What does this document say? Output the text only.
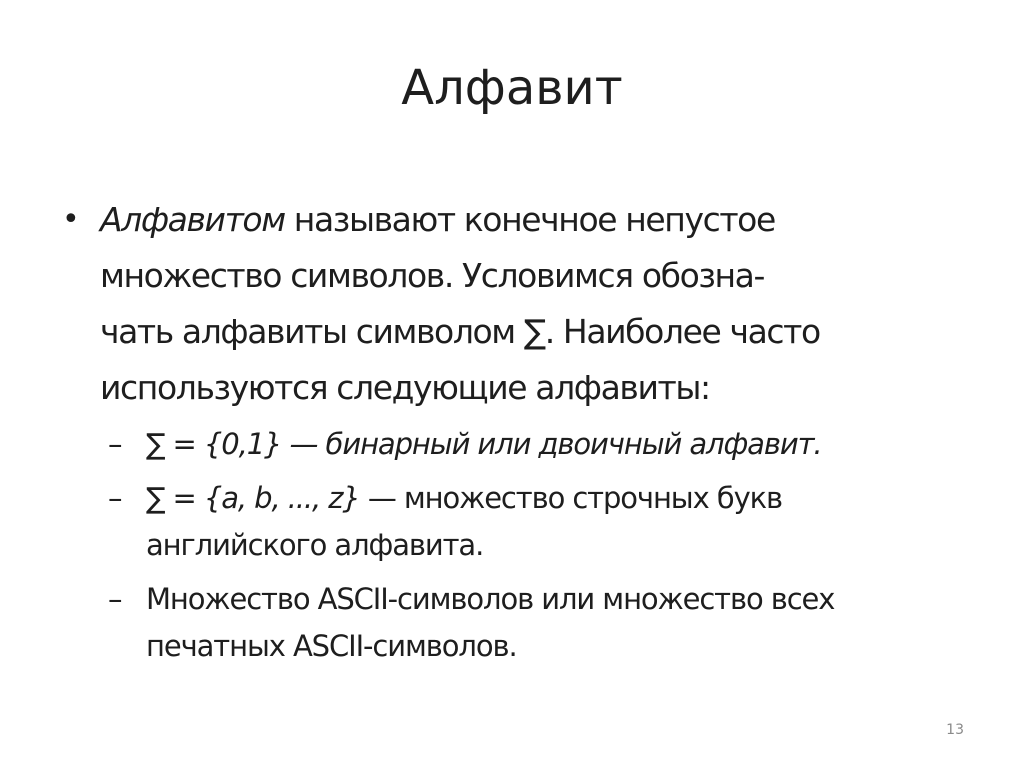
Алфавит
• Алфавитом называют конечное непустое
множество символов. Условимся обозна-
чать алфавиты символом ∑. Наиболее часто
используются следующие алфавиты:
– ∑ = {0,1} — бинарный или двоичный алфавит.
– ∑ = {a, b, ..., z} — множество строчных букв
английского алфавита.
– Множество ASCII-символов или множество всех
печатных ASCII-символов.
13
